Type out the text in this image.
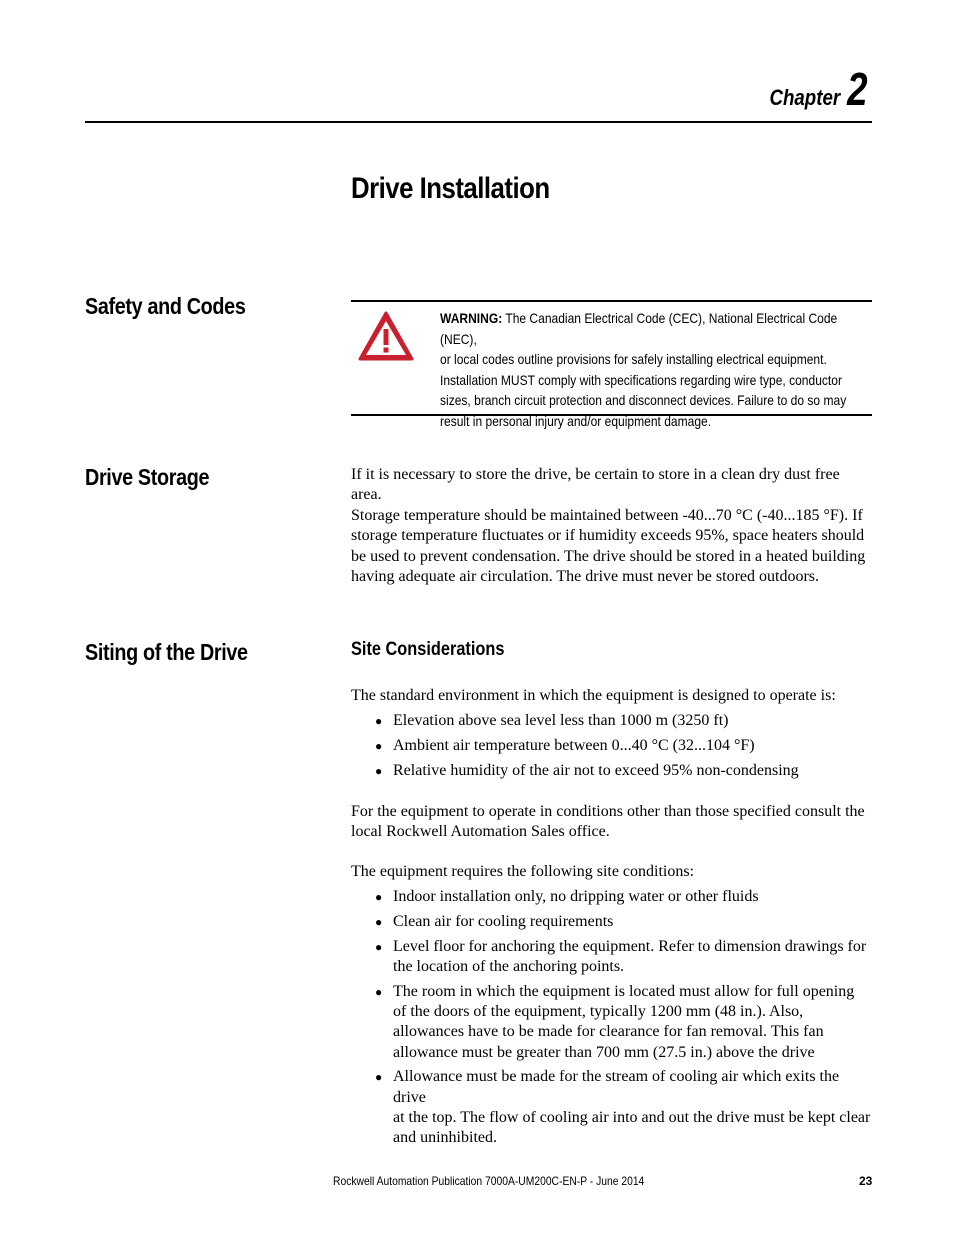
Chapter 2
Drive Installation
Safety and Codes	WARNING: The Canadian Electrical Code (CEC), National Electrical Code (NEC),
or local codes outline provisions for safely installing electrical equipment.
Installation MUST comply with specifications regarding wire type, conductor
sizes, branch circuit protection and disconnect devices. Failure to do so may
result in personal injury and/or equipment damage.
Drive Storage	If it is necessary to store the drive, be certain to store in a clean dry dust free area.

Storage temperature should be maintained between -40...70 °C (-40...185 °F). If
storage temperature fluctuates or if humidity exceeds 95%, space heaters should
be used to prevent condensation. The drive should be stored in a heated building
having adequate air circulation. The drive must never be stored outdoors.
Siting of the Drive	Site Considerations

The standard environment in which the equipment is designed to operate is:

● Elevation above sea level less than 1000 m (3250 ft)
● Ambient air temperature between 0...40 °C (32...104 °F)
● Relative humidity of the air not to exceed 95% non-condensing
For the equipment to operate in conditions other than those specified consult the
local Rockwell Automation Sales office.

The equipment requires the following site conditions:

● Indoor installation only, no dripping water or other fluids
● Clean air for cooling requirements
● Level floor for anchoring the equipment. Refer to dimension drawings for
the location of the anchoring points.
● The room in which the equipment is located must allow for full opening
of the doors of the equipment, typically 1200 mm (48 in.). Also,
allowances have to be made for clearance for fan removal. This fan
allowance must be greater than 700 mm (27.5 in.) above the drive
● Allowance must be made for the stream of cooling air which exits the drive
at the top. The flow of cooling air into and out the drive must be kept clear
and uninhibited.
Rockwell Automation Publication 7000A-UM200C-EN-P - June 2014	23
